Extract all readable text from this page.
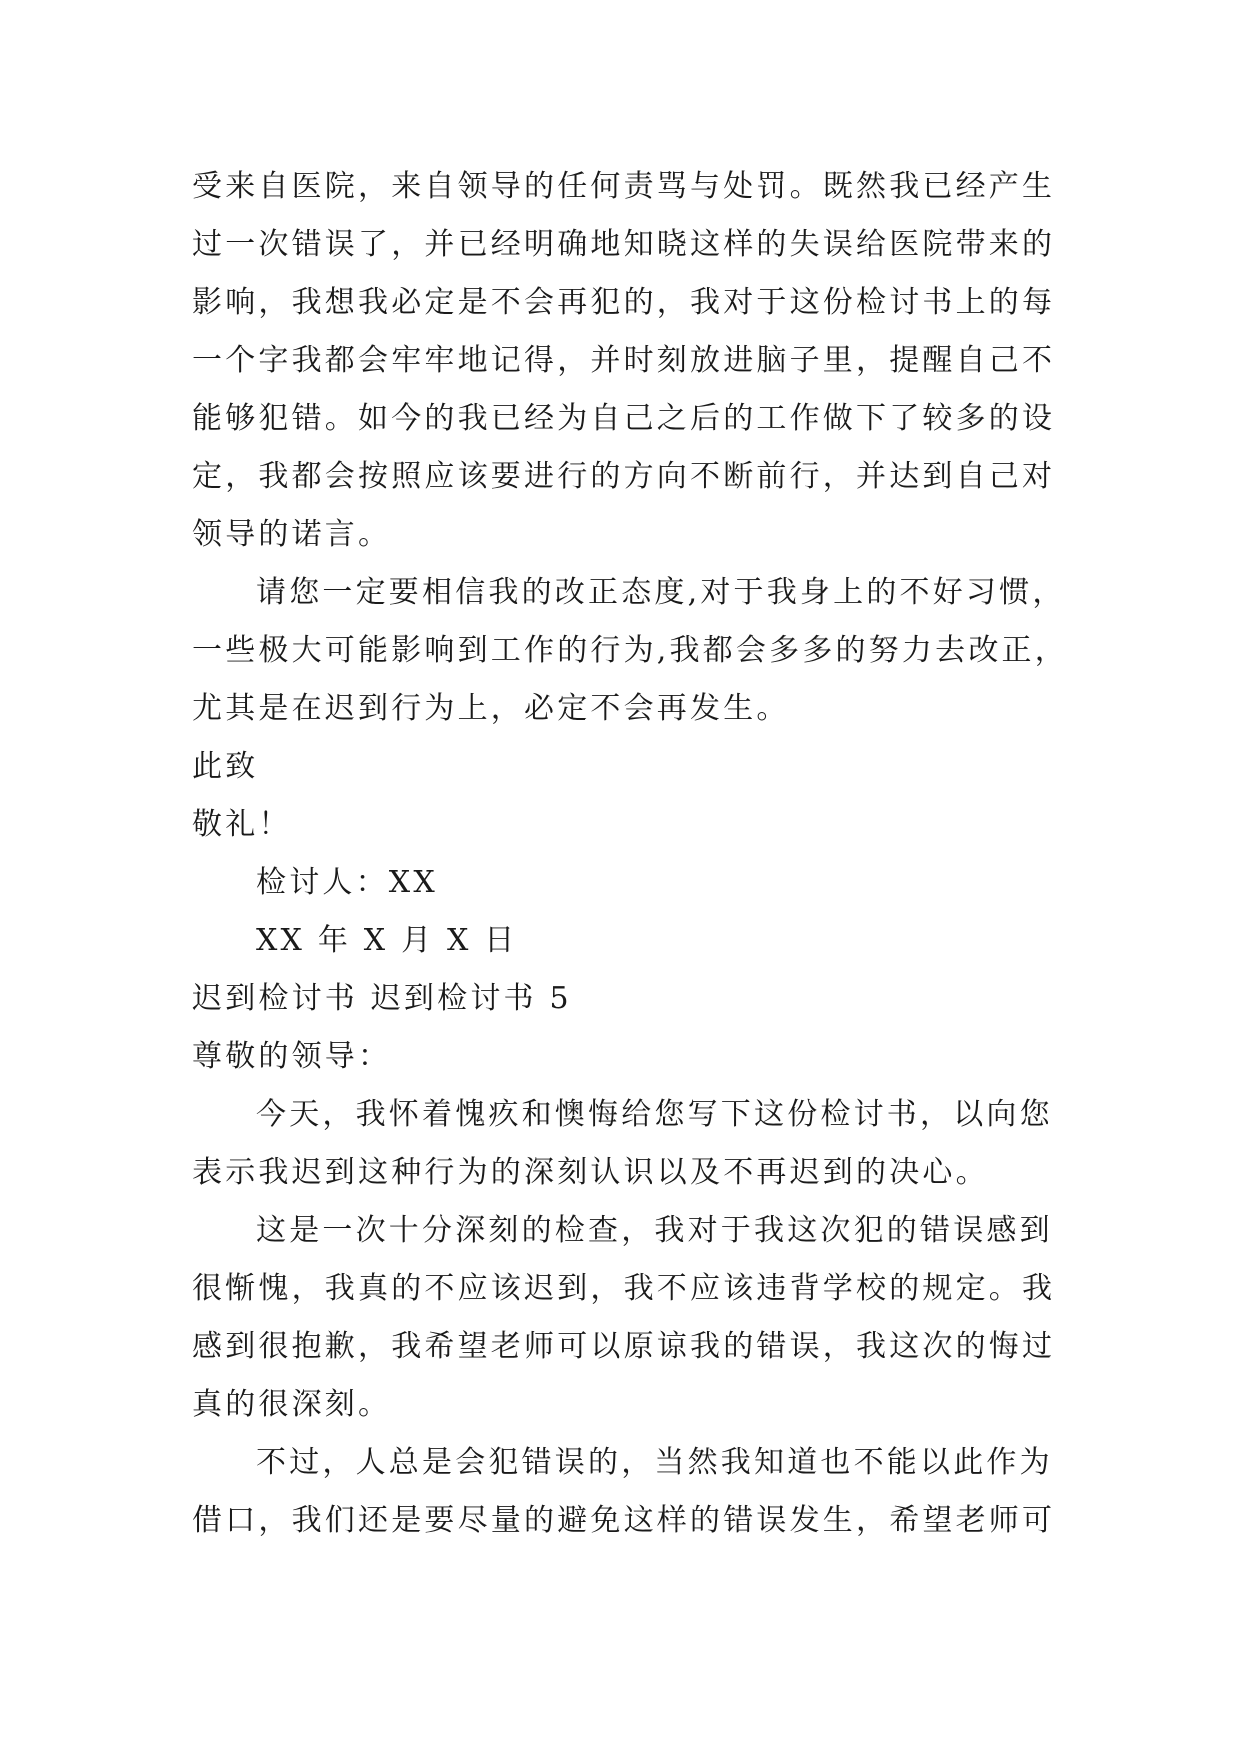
受来自医院，来自领导的任何责骂与处罚。既然我已经产生
过一次错误了，并已经明确地知晓这样的失误给医院带来的
影响，我想我必定是不会再犯的，我对于这份检讨书上的每
一个字我都会牢牢地记得，并时刻放进脑子里，提醒自己不
能够犯错。如今的我已经为自己之后的工作做下了较多的设
定，我都会按照应该要进行的方向不断前行，并达到自己对
领导的诺言。
请您一定要相信我的改正态度,对于我身上的不好习惯，
一些极大可能影响到工作的行为,我都会多多的努力去改正，
尤其是在迟到行为上，必定不会再发生。
此致
敬礼！
检讨人：XX
XX 年 X 月 X 日
迟到检讨书 迟到检讨书 5
尊敬的领导：
今天，我怀着愧疚和懊悔给您写下这份检讨书，以向您
表示我迟到这种行为的深刻认识以及不再迟到的决心。
这是一次十分深刻的检查，我对于我这次犯的错误感到
很惭愧，我真的不应该迟到，我不应该违背学校的规定。我
感到很抱歉，我希望老师可以原谅我的错误，我这次的悔过
真的很深刻。
不过，人总是会犯错误的，当然我知道也不能以此作为
借口，我们还是要尽量的避免这样的错误发生，希望老师可
